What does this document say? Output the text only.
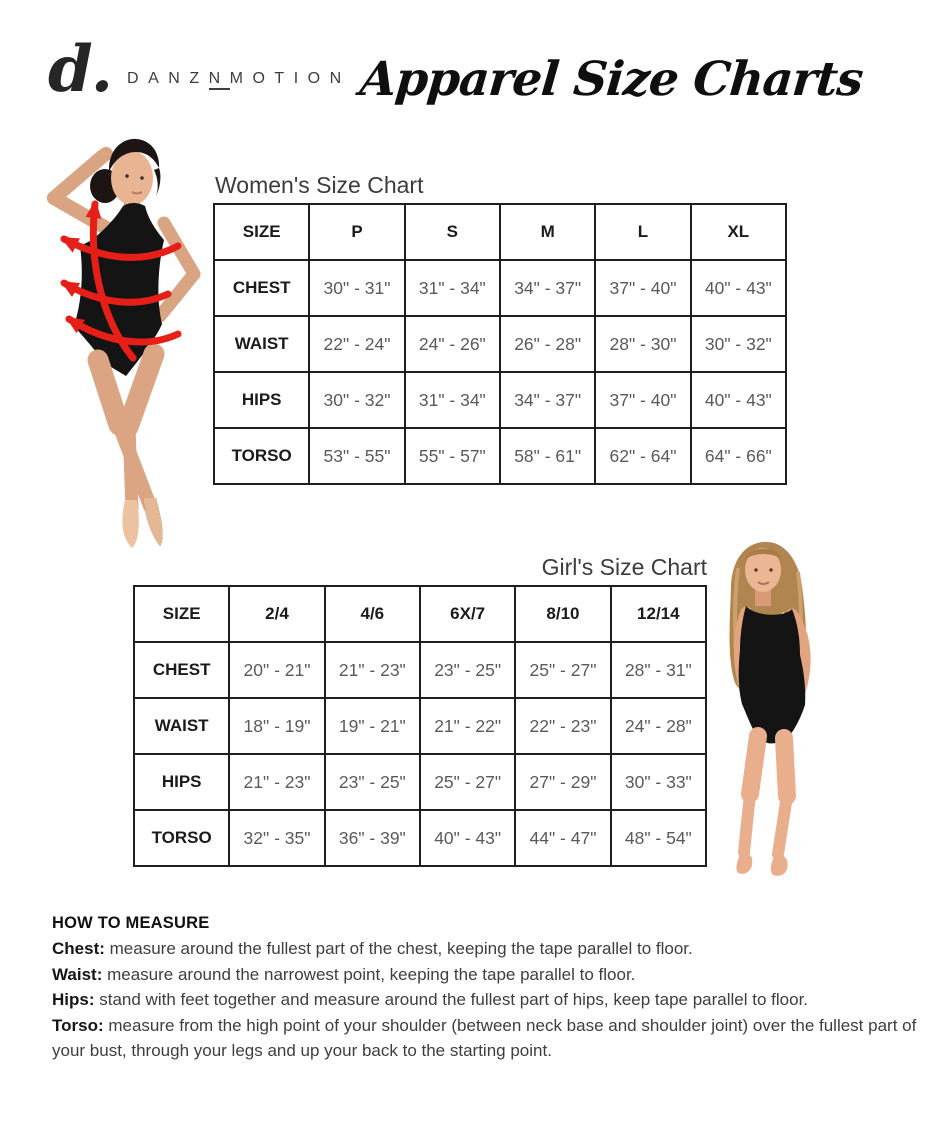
d. DANZNMOTION Apparel Size Charts
Women's Size Chart
SIZE	P	S	M	L	XL
CHEST	30" - 31"	31" - 34"	34" - 37"	37" - 40"	40" - 43"
WAIST	22" - 24"	24" - 26"	26" - 28"	28" - 30"	30" - 32"
HIPS	30" - 32"	31" - 34"	34" - 37"	37" - 40"	40" - 43"
TORSO	53" - 55"	55" - 57"	58" - 61"	62" - 64"	64" - 66"
Girl's Size Chart
SIZE	2/4	4/6	6X/7	8/10	12/14
CHEST	20" - 21"	21" - 23"	23" - 25"	25" - 27"	28" - 31"
WAIST	18" - 19"	19" - 21"	21" - 22"	22" - 23"	24" - 28"
HIPS	21" - 23"	23" - 25"	25" - 27"	27" - 29"	30" - 33"
TORSO	32" - 35"	36" - 39"	40" - 43"	44" - 47"	48" - 54"
HOW TO MEASURE

Chest: measure around the fullest part of the chest, keeping the tape parallel to floor.

Waist: measure around the narrowest point, keeping the tape parallel to floor.

Hips: stand with feet together and measure around the fullest part of hips, keep tape parallel to floor.

Torso: measure from the high point of your shoulder (between neck base and shoulder joint) over the fullest part of your bust, through your legs and up your back to the starting point.
